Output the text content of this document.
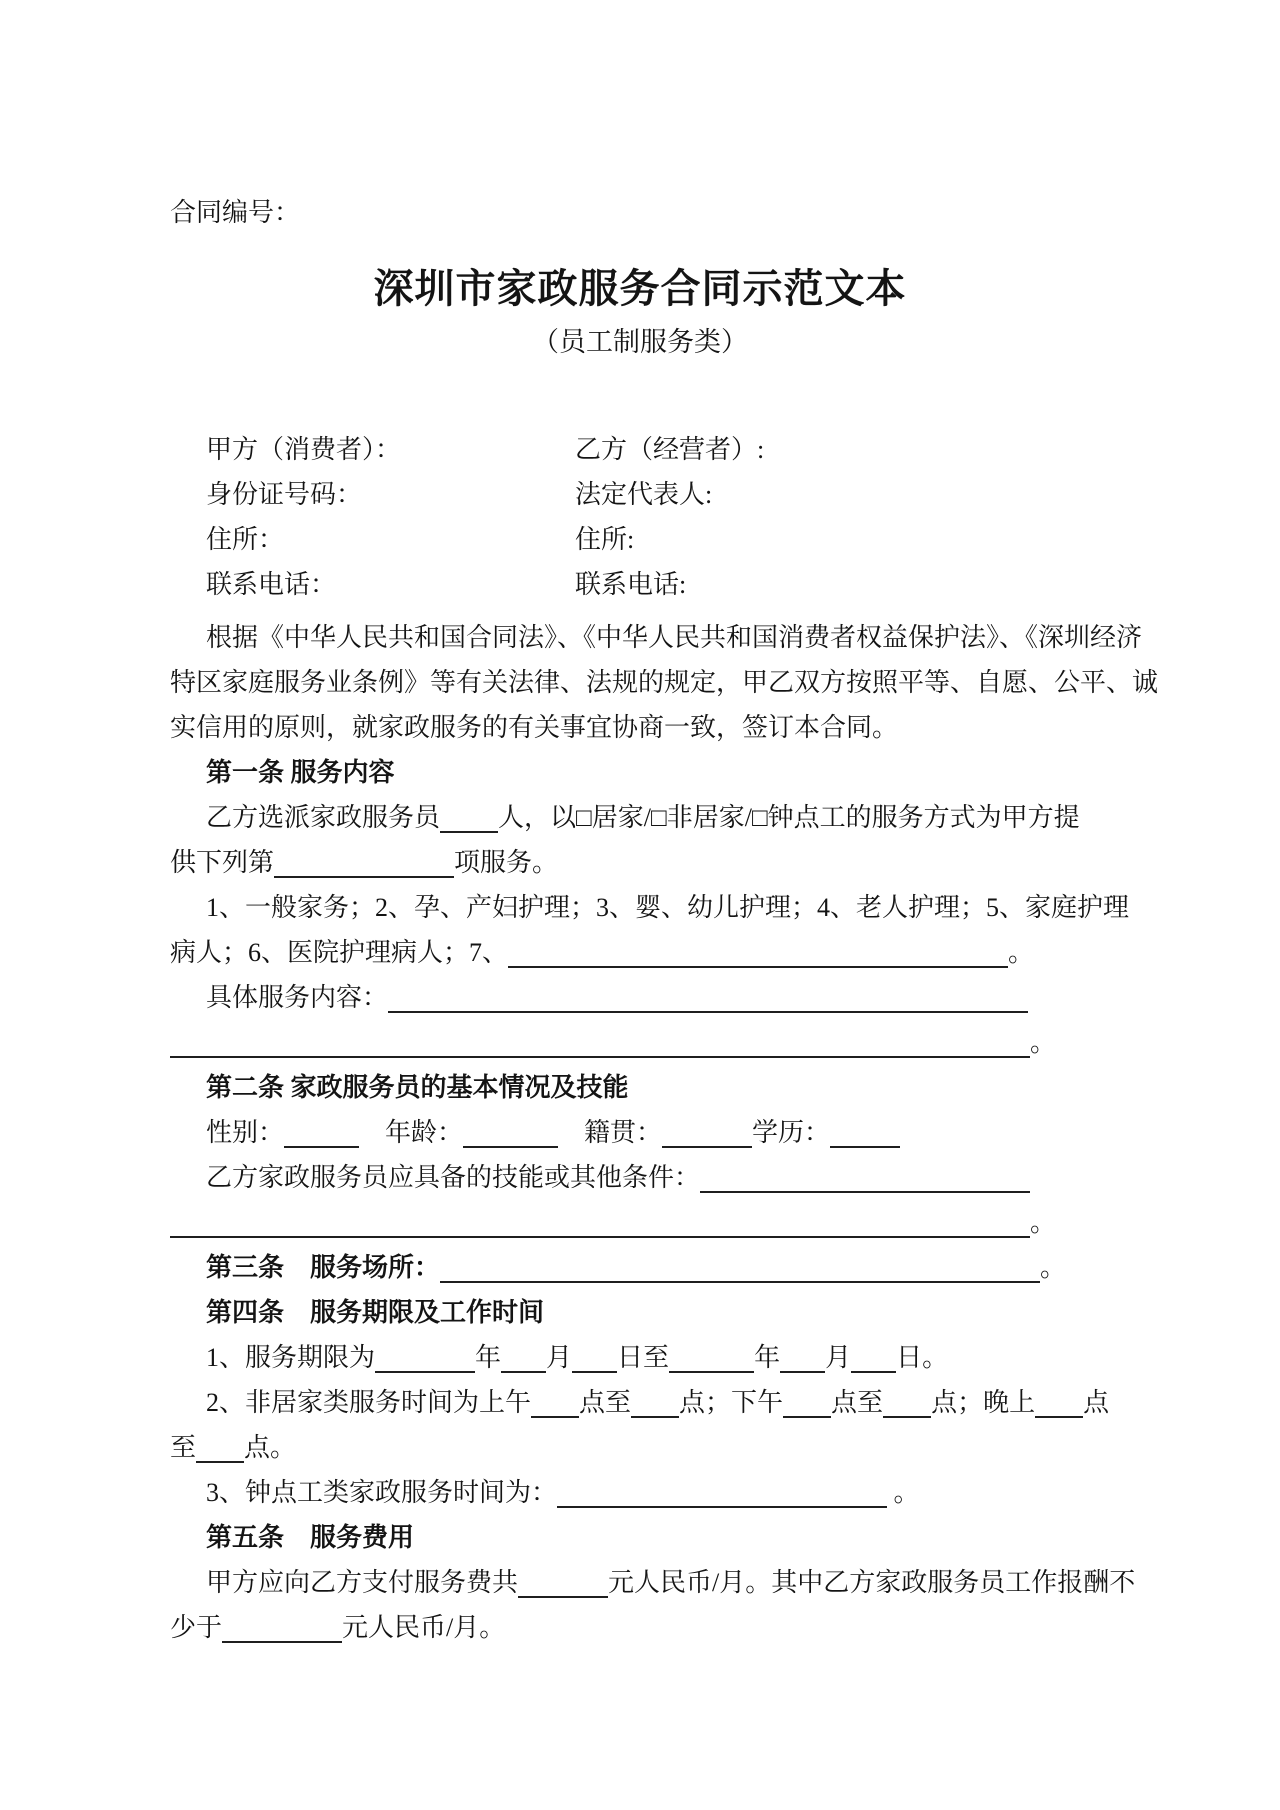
合同编号：
深圳市家政服务合同示范文本
（员工制服务类）
甲方（消费者）：	乙方（经营者）:
身份证号码：	法定代表人:
住所：	住所:
联系电话：	联系电话:
根据《中华人民共和国合同法》、《中华人民共和国消费者权益保护法》、《深圳经济
特区家庭服务业条例》等有关法律、法规的规定，甲乙双方按照平等、自愿、公平、诚
实信用的原则，就家政服务的有关事宜协商一致，签订本合同。
第一条 服务内容
乙方选派家政服务员 人，以□居家/□非居家/□钟点工的服务方式为甲方提
供下列第	项服务。
1、一般家务；2、孕、产妇护理；3、婴、幼儿护理；4、老人护理；5、家庭护理
病人；6、医院护理病人；7、	。
具体服务内容：
。
第二条 家政服务员的基本情况及技能
性别：	　年龄：	　籍贯：	学历：
乙方家政服务员应具备的技能或其他条件：
。
第三条　服务场所：	。
第四条　服务期限及工作时间
1、服务期限为	年 月 日至	年 月 日。
2、非居家类服务时间为上午 点至 点；下午 点至 点；晚上 点
至 点。
3、钟点工类家政服务时间为：	。
第五条　服务费用
甲方应向乙方支付服务费共	元人民币/月。其中乙方家政服务员工作报酬不
少于	元人民币/月。
